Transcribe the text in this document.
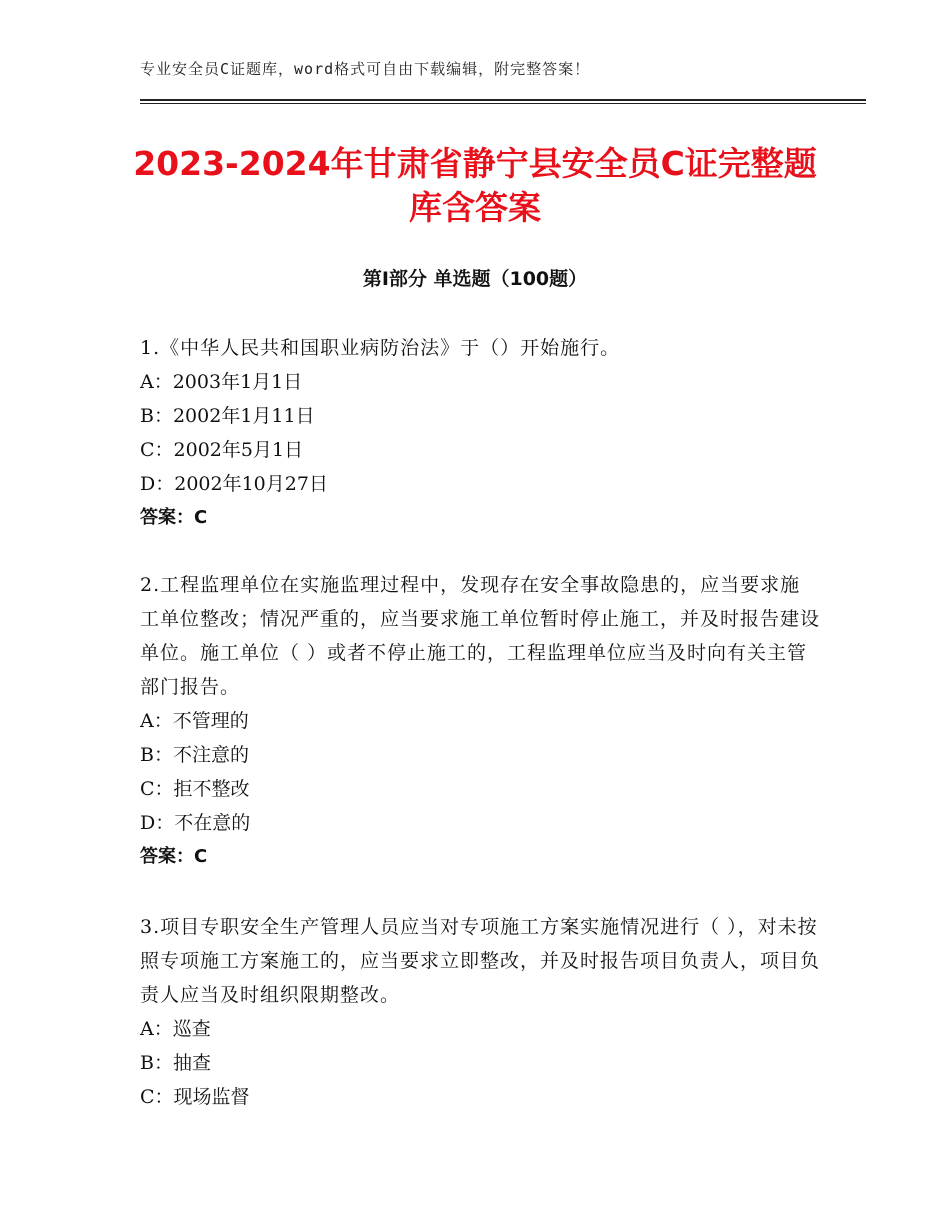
专业安全员C证题库，word格式可自由下载编辑，附完整答案！
2023-2024年甘肃省静宁县安全员C证完整题库含答案
第Ⅰ部分 单选题（100题）
1.《中华人民共和国职业病防治法》于（）开始施行。
A：2003年1月1日
B：2002年1月11日
C：2002年5月1日
D：2002年10月27日
答案：C
2.工程监理单位在实施监理过程中，发现存在安全事故隐患的，应当要求施工单位整改；情况严重的，应当要求施工单位暂时停止施工，并及时报告建设单位。施工单位（ ）或者不停止施工的，工程监理单位应当及时向有关主管部门报告。
A：不管理的
B：不注意的
C：拒不整改
D：不在意的
答案：C
3.项目专职安全生产管理人员应当对专项施工方案实施情况进行（ ），对未按照专项施工方案施工的，应当要求立即整改，并及时报告项目负责人，项目负责人应当及时组织限期整改。
A：巡查
B：抽查
C：现场监督
